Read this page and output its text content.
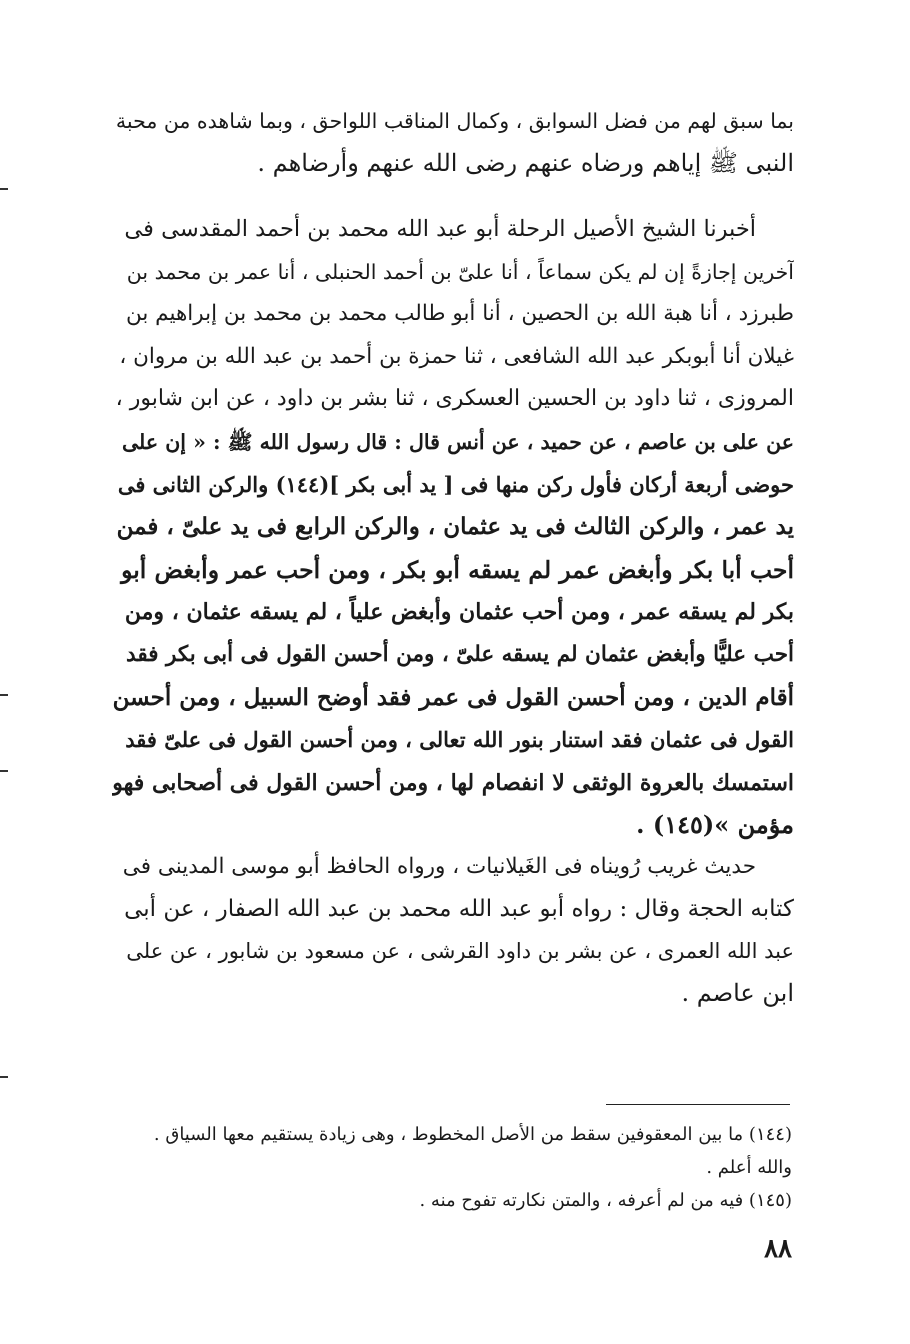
بما سبق لهم من فضل السوابق ، وكمال المناقب اللواحق ، وبما شاهده من محبة
النبى ﷺ إياهم ورضاه عنهم رضى الله عنهم وأرضاهم .
أخبرنا الشيخ الأصيل الرحلة أبو عبد الله محمد بن أحمد المقدسى فى
آخرين إجازةً إن لم يكن سماعاً ، أنا علىّ بن أحمد الحنبلى ، أنا عمر بن محمد بن
طبرزد ، أنا هبة الله بن الحصين ، أنا أبو طالب محمد بن محمد بن إبراهيم بن
غيلان أنا أبوبكر عبد الله الشافعى ، ثنا حمزة بن أحمد بن عبد الله بن مروان ،
المروزى ، ثنا داود بن الحسين العسكرى ، ثنا بشر بن داود ، عن ابن شابور ،
عن على بن عاصم ، عن حميد ، عن أنس قال : قال رسول الله ﷺ : « إن على
حوضى أربعة أركان فأول ركن منها فى [ يد أبى بكر ](١٤٤) والركن الثانى فى
يد عمر ، والركن الثالث فى يد عثمان ، والركن الرابع فى يد علىّ ، فمن
أحب أبا بكر وأبغض عمر لم يسقه أبو بكر ، ومن أحب عمر وأبغض أبو
بكر لم يسقه عمر ، ومن أحب عثمان وأبغض علياً ، لم يسقه عثمان ، ومن
أحب عليًّا وأبغض عثمان لم يسقه علىّ ، ومن أحسن القول فى أبى بكر فقد
أقام الدين ، ومن أحسن القول فى عمر فقد أوضح السبيل ، ومن أحسن
القول فى عثمان فقد استنار بنور الله تعالى ، ومن أحسن القول فى علىّ فقد
استمسك بالعروة الوثقى لا انفصام لها ، ومن أحسن القول فى أصحابى فهو
مؤمن »(١٤٥) .
حديث غريب رُويناه فى الغَيلانيات ، ورواه الحافظ أبو موسى المدينى فى
كتابه الحجة وقال : رواه أبو عبد الله محمد بن عبد الله الصفار ، عن أبى
عبد الله العمرى ، عن بشر بن داود القرشى ، عن مسعود بن شابور ، عن على
ابن عاصم .
(١٤٤) ما بين المعقوفين سقط من الأصل المخطوط ، وهى زيادة يستقيم معها السياق .
والله أعلم .
(١٤٥) فيه من لم أعرفه ، والمتن نكارته تفوح منه .
٨٨
